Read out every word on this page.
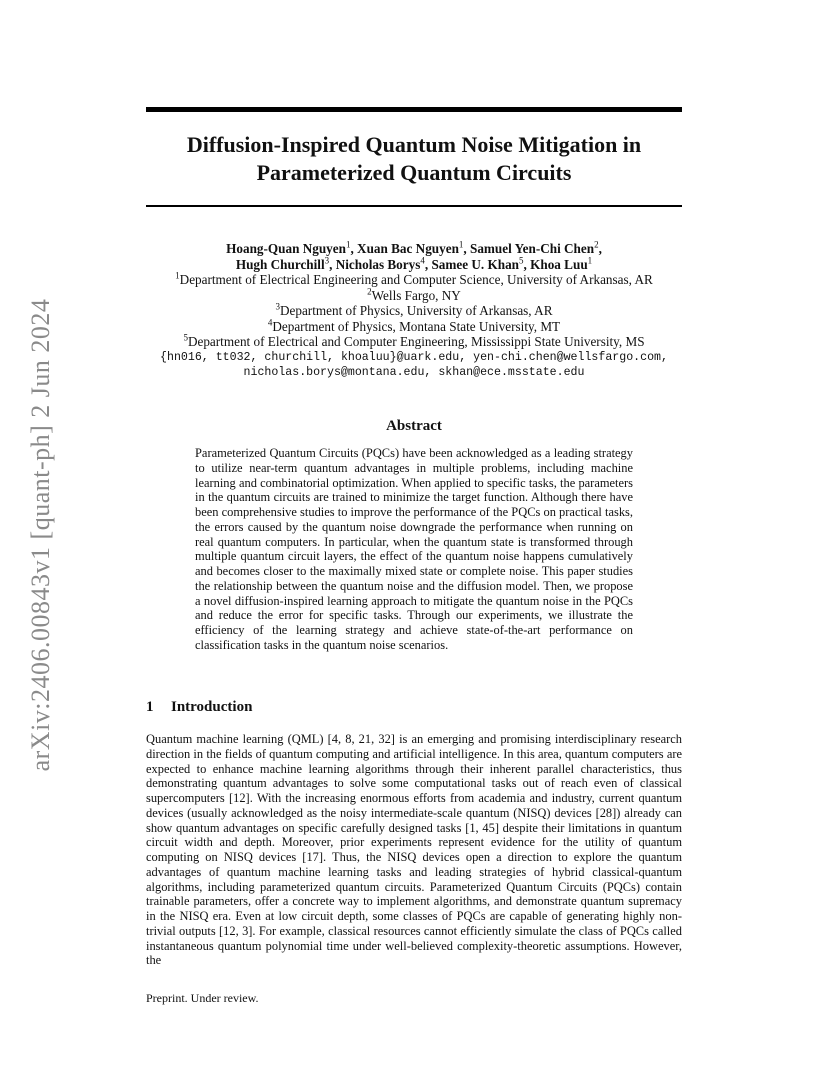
arXiv:2406.00843v1 [quant-ph] 2 Jun 2024
Diffusion-Inspired Quantum Noise Mitigation in
Parameterized Quantum Circuits
Hoang-Quan Nguyen$^1$, Xuan Bac Nguyen$^1$, Samuel Yen-Chi Chen$^2$,
Hugh Churchill$^3$, Nicholas Borys$^4$, Samee U. Khan$^5$, Khoa Luu$^1$
$^1$Department of Electrical Engineering and Computer Science, University of Arkansas, AR
$^2$Wells Fargo, NY
$^3$Department of Physics, University of Arkansas, AR
$^4$Department of Physics, Montana State University, MT
$^5$Department of Electrical and Computer Engineering, Mississippi State University, MS
{hn016, tt032, churchill, khoaluu}@uark.edu, yen-chi.chen@wellsfargo.com,
nicholas.borys@montana.edu, skhan@ece.msstate.edu
Abstract
Parameterized Quantum Circuits (PQCs) have been acknowledged as a leading strategy to utilize near-term quantum advantages in multiple problems, including machine learning and combinatorial optimization. When applied to specific tasks, the parameters in the quantum circuits are trained to minimize the target function. Although there have been comprehensive studies to improve the performance of the PQCs on practical tasks, the errors caused by the quantum noise downgrade the performance when running on real quantum computers. In particular, when the quantum state is transformed through multiple quantum circuit layers, the effect of the quantum noise happens cumulatively and becomes closer to the maximally mixed state or complete noise. This paper studies the relationship between the quantum noise and the diffusion model. Then, we propose a novel diffusion-inspired learning approach to mitigate the quantum noise in the PQCs and reduce the error for specific tasks. Through our experiments, we illustrate the efficiency of the learning strategy and achieve state-of-the-art performance on classification tasks in the quantum noise scenarios.
1 Introduction
Quantum machine learning (QML) [4, 8, 21, 32] is an emerging and promising interdisciplinary research direction in the fields of quantum computing and artificial intelligence. In this area, quantum computers are expected to enhance machine learning algorithms through their inherent parallel characteristics, thus demonstrating quantum advantages to solve some computational tasks out of reach even of classical supercomputers [12]. With the increasing enormous efforts from academia and industry, current quantum devices (usually acknowledged as the noisy intermediate-scale quantum (NISQ) devices [28]) already can show quantum advantages on specific carefully designed tasks [1, 45] despite their limitations in quantum circuit width and depth. Moreover, prior experiments represent evidence for the utility of quantum computing on NISQ devices [17]. Thus, the NISQ devices open a direction to explore the quantum advantages of quantum machine learning tasks and leading strategies of hybrid classical-quantum algorithms, including parameterized quantum circuits. Parameterized Quantum Circuits (PQCs) contain trainable parameters, offer a concrete way to implement algorithms, and demonstrate quantum supremacy in the NISQ era. Even at low circuit depth, some classes of PQCs are capable of generating highly non-trivial outputs [12, 3]. For example, classical resources cannot efficiently simulate the class of PQCs called instantaneous quantum polynomial time under well-believed complexity-theoretic assumptions. However, the
Preprint. Under review.
